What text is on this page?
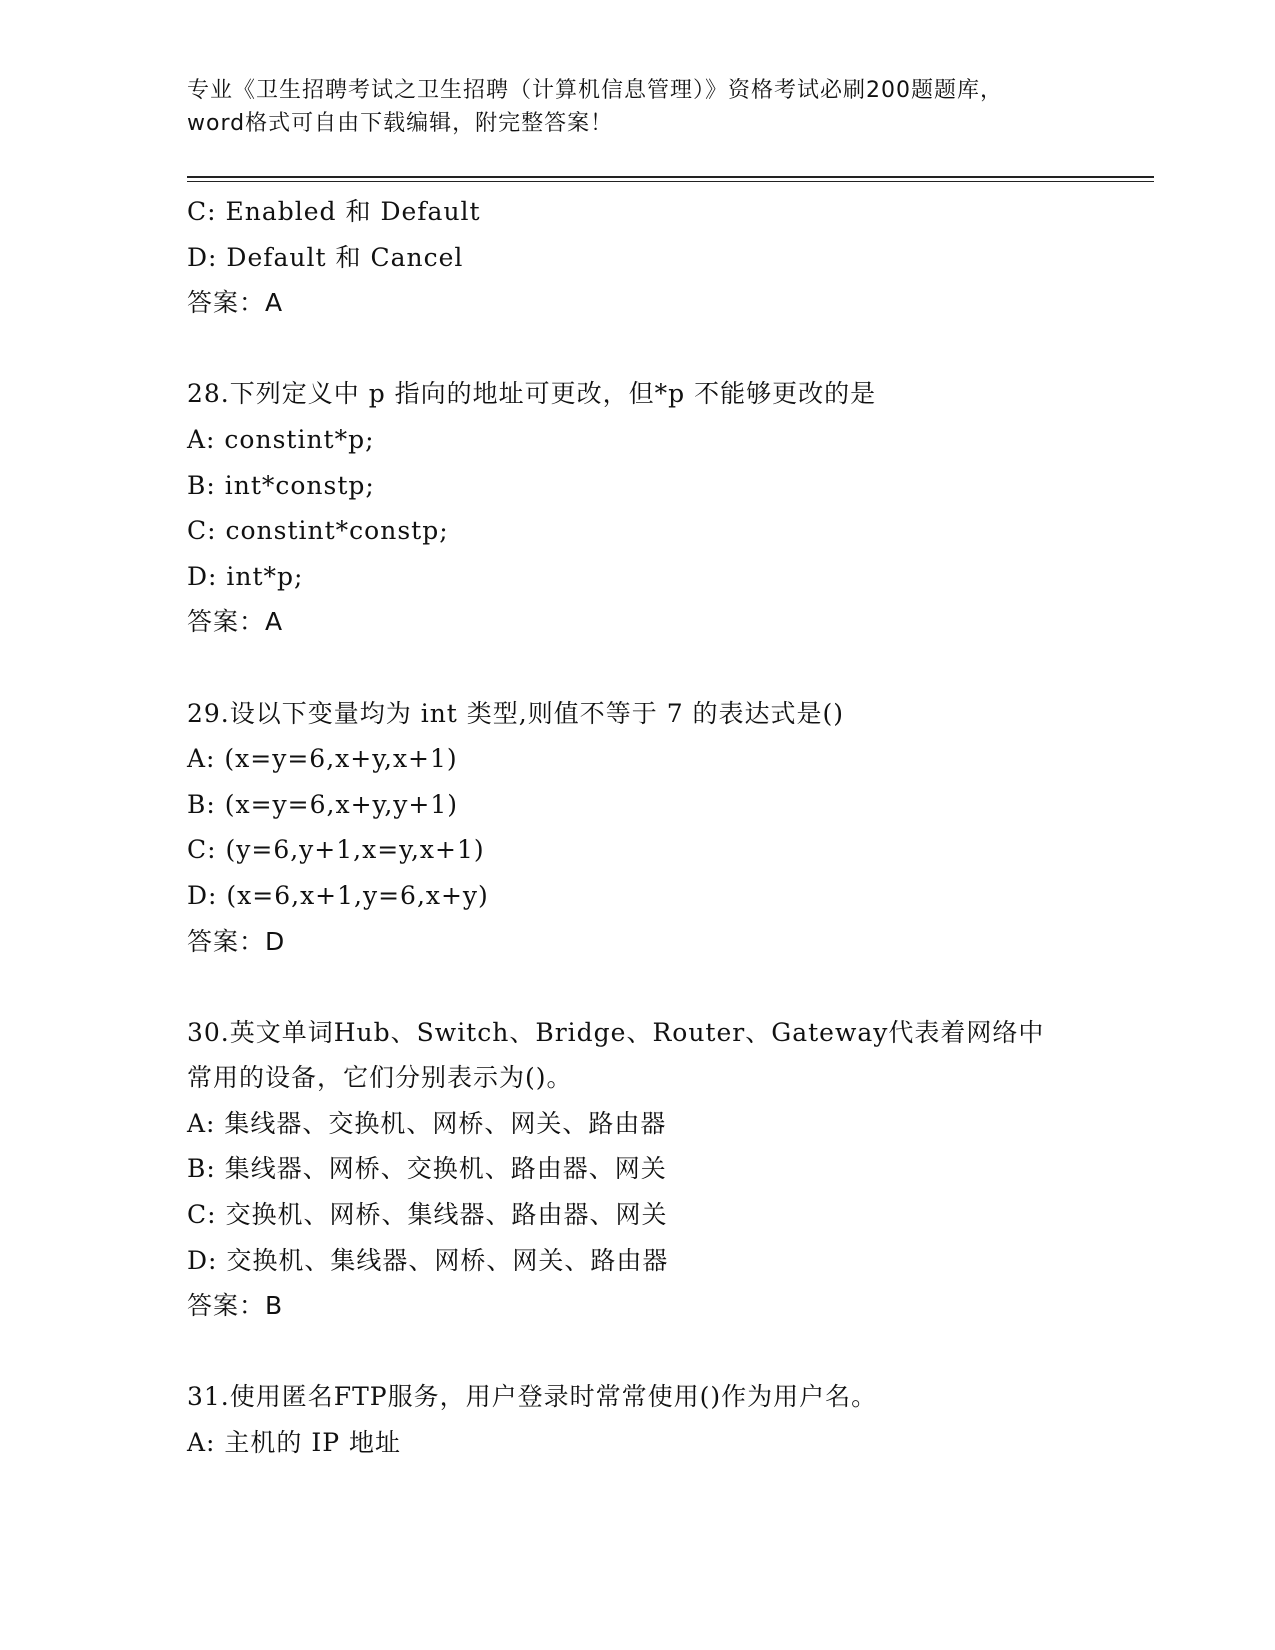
专业《卫生招聘考试之卫生招聘（计算机信息管理）》资格考试必刷200题题库，
word格式可自由下载编辑，附完整答案！
C: Enabled 和 Default
D: Default 和 Cancel
答案：A
28.下列定义中 p 指向的地址可更改，但*p 不能够更改的是
A: constint*p;
B: int*constp;
C: constint*constp;
D: int*p;
答案：A
29.设以下变量均为 int 类型,则值不等于 7 的表达式是()
A: (x=y=6,x+y,x+1)
B: (x=y=6,x+y,y+1)
C: (y=6,y+1,x=y,x+1)
D: (x=6,x+1,y=6,x+y)
答案：D
30.英文单词Hub、Switch、Bridge、Router、Gateway代表着网络中
常用的设备，它们分别表示为()。
A: 集线器、交换机、网桥、网关、路由器
B: 集线器、网桥、交换机、路由器、网关
C: 交换机、网桥、集线器、路由器、网关
D: 交换机、集线器、网桥、网关、路由器
答案：B
31.使用匿名FTP服务，用户登录时常常使用()作为用户名。
A: 主机的 IP 地址
